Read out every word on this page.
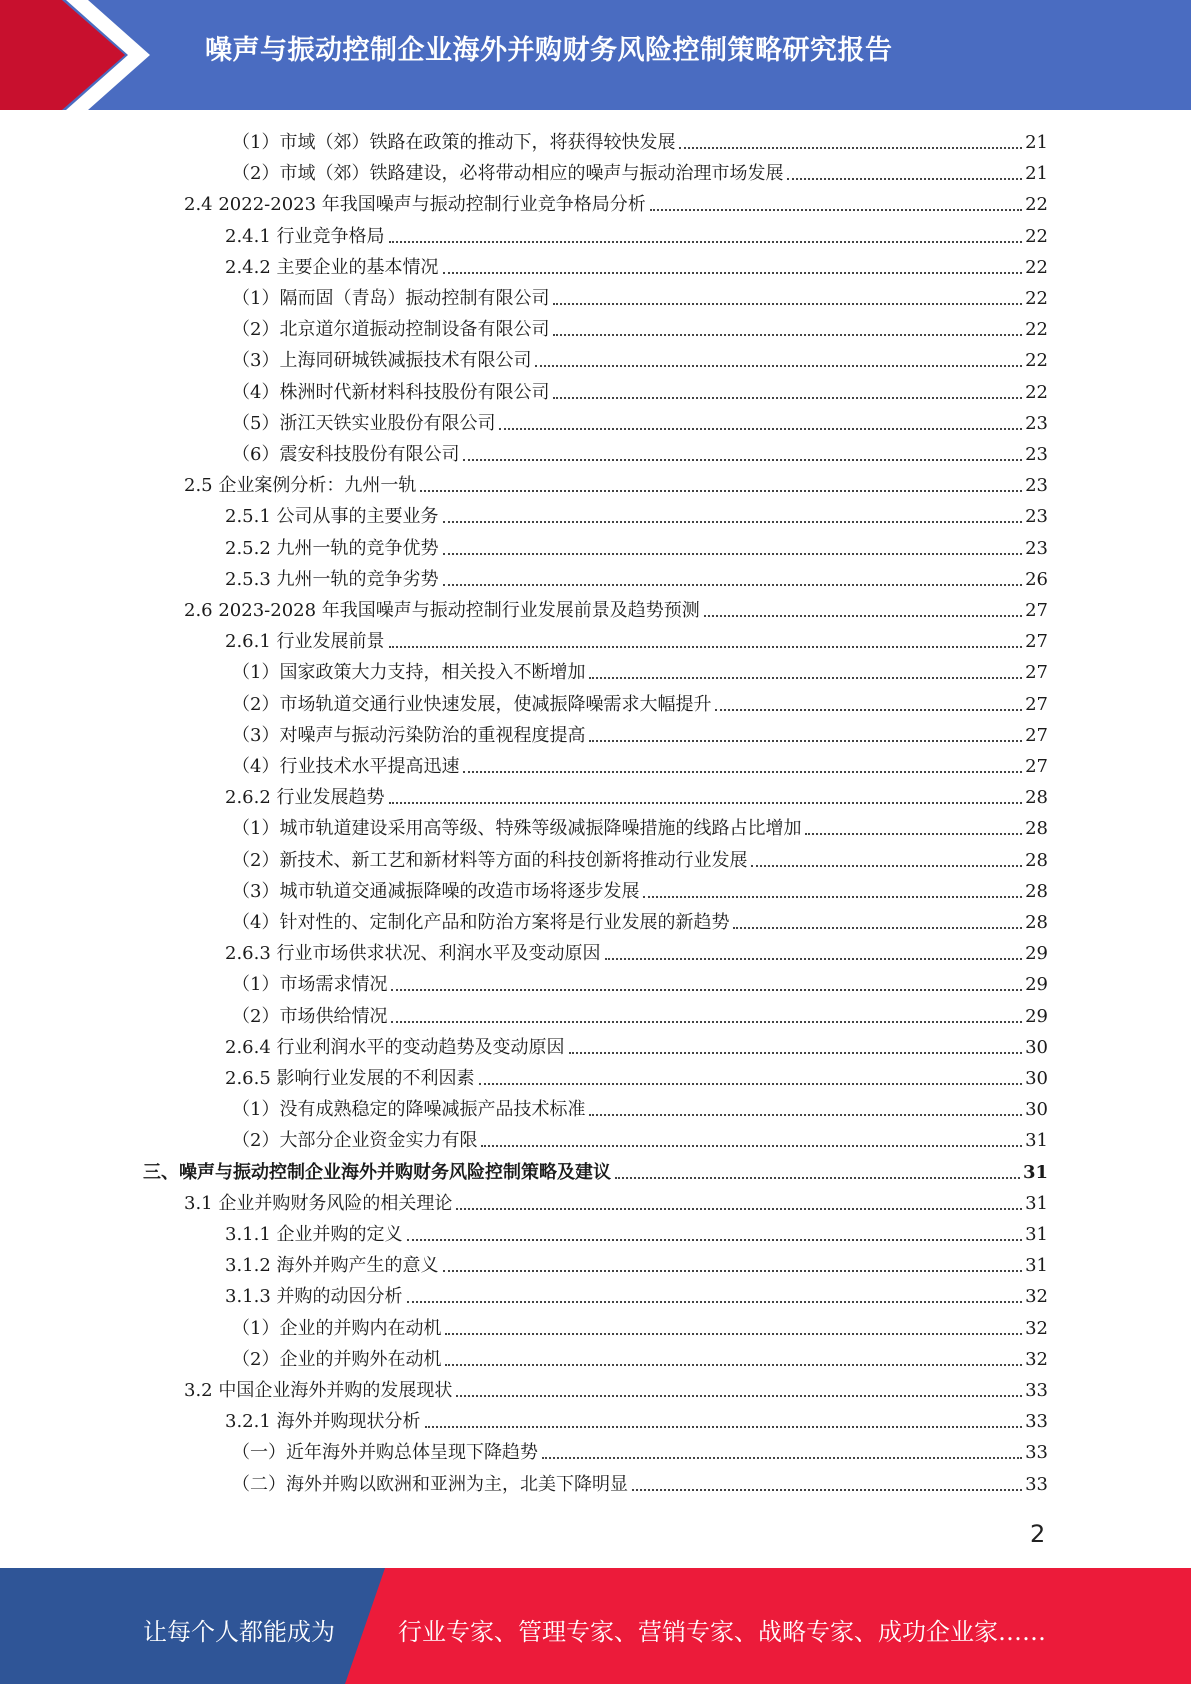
噪声与振动控制企业海外并购财务风险控制策略研究报告
（1）市域（郊）铁路在政策的推动下，将获得较快发展	21
（2）市域（郊）铁路建设，必将带动相应的噪声与振动治理市场发展	21
2.4 2022-2023 年我国噪声与振动控制行业竞争格局分析	22
2.4.1 行业竞争格局	22
2.4.2 主要企业的基本情况	22
（1）隔而固（青岛）振动控制有限公司	22
（2）北京道尔道振动控制设备有限公司	22
（3）上海同研城铁减振技术有限公司	22
（4）株洲时代新材料科技股份有限公司	22
（5）浙江天铁实业股份有限公司	23
（6）震安科技股份有限公司	23
2.5 企业案例分析：九州一轨	23
2.5.1 公司从事的主要业务	23
2.5.2 九州一轨的竞争优势	23
2.5.3 九州一轨的竞争劣势	26
2.6 2023-2028 年我国噪声与振动控制行业发展前景及趋势预测	27
2.6.1 行业发展前景	27
（1）国家政策大力支持，相关投入不断增加	27
（2）市场轨道交通行业快速发展，使减振降噪需求大幅提升	27
（3）对噪声与振动污染防治的重视程度提高	27
（4）行业技术水平提高迅速	27
2.6.2 行业发展趋势	28
（1）城市轨道建设采用高等级、特殊等级减振降噪措施的线路占比增加	28
（2）新技术、新工艺和新材料等方面的科技创新将推动行业发展	28
（3）城市轨道交通减振降噪的改造市场将逐步发展	28
（4）针对性的、定制化产品和防治方案将是行业发展的新趋势	28
2.6.3 行业市场供求状况、利润水平及变动原因	29
（1）市场需求情况	29
（2）市场供给情况	29
2.6.4 行业利润水平的变动趋势及变动原因	30
2.6.5 影响行业发展的不利因素	30
（1）没有成熟稳定的降噪减振产品技术标准	30
（2）大部分企业资金实力有限	31
三、噪声与振动控制企业海外并购财务风险控制策略及建议	31
3.1 企业并购财务风险的相关理论	31
3.1.1 企业并购的定义	31
3.1.2 海外并购产生的意义	31
3.1.3 并购的动因分析	32
（1）企业的并购内在动机	32
（2）企业的并购外在动机	32
3.2 中国企业海外并购的发展现状	33
3.2.1 海外并购现状分析	33
（一）近年海外并购总体呈现下降趋势	33
（二）海外并购以欧洲和亚洲为主，北美下降明显	33
2
让每个人都能成为	行业专家、管理专家、营销专家、战略专家、成功企业家……
